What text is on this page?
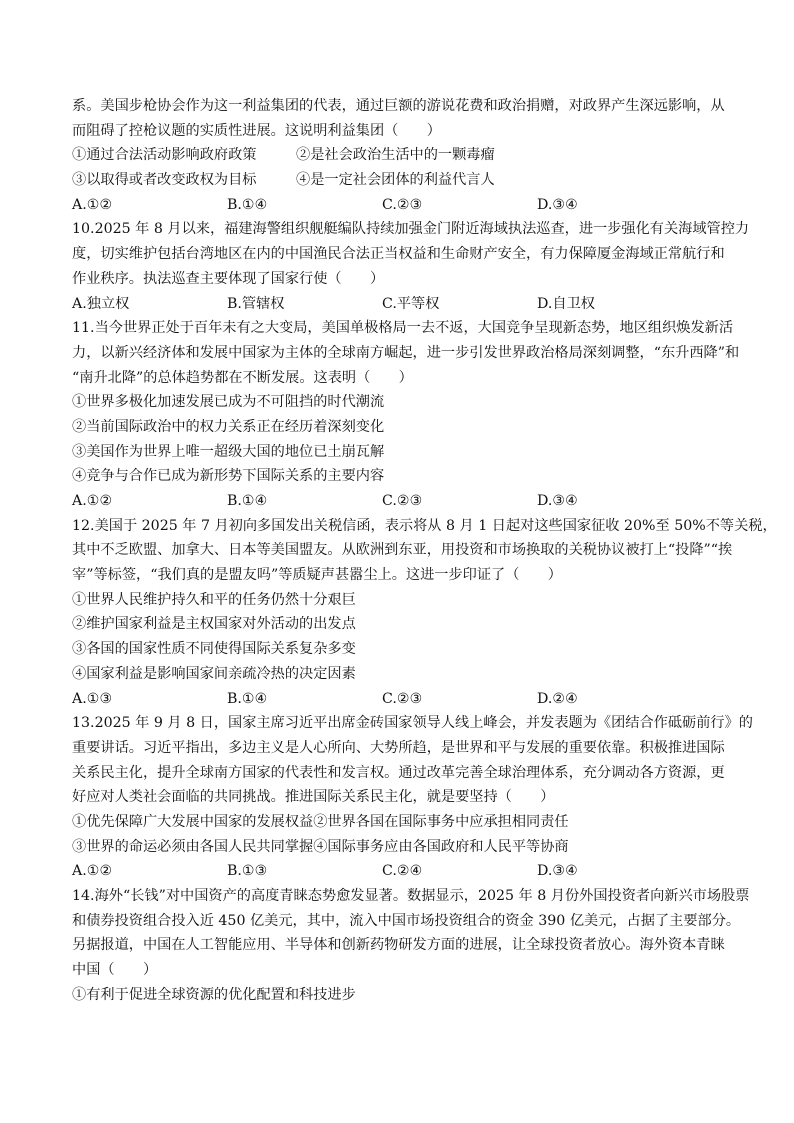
系。美国步枪协会作为这一利益集团的代表，通过巨额的游说花费和政治捐赠，对政界产生深远影响，从
而阻碍了控枪议题的实质性进展。这说明利益集团（　　）
①通过合法活动影响政府政策	②是社会政治生活中的一颗毒瘤
③以取得或者改变政权为目标	④是一定社会团体的利益代言人
A.①②	B.①④	C.②③	D.③④
10.2025 年 8 月以来，福建海警组织舰艇编队持续加强金门附近海域执法巡查，进一步强化有关海域管控力
度，切实维护包括台湾地区在内的中国渔民合法正当权益和生命财产安全，有力保障厦金海域正常航行和
作业秩序。执法巡查主要体现了国家行使（　　）
A.独立权	B.管辖权	C.平等权	D.自卫权
11.当今世界正处于百年未有之大变局，美国单极格局一去不返，大国竞争呈现新态势，地区组织焕发新活
力，以新兴经济体和发展中国家为主体的全球南方崛起，进一步引发世界政治格局深刻调整，“东升西降”和
“南升北降”的总体趋势都在不断发展。这表明（　　）
①世界多极化加速发展已成为不可阻挡的时代潮流
②当前国际政治中的权力关系正在经历着深刻变化
③美国作为世界上唯一超级大国的地位已土崩瓦解
④竞争与合作已成为新形势下国际关系的主要内容
A.①②	B.①④	C.②③	D.③④
12.美国于 2025 年 7 月初向多国发出关税信函，表示将从 8 月 1 日起对这些国家征收 20%至 50%不等关税，
其中不乏欧盟、加拿大、日本等美国盟友。从欧洲到东亚，用投资和市场换取的关税协议被打上“投降”“挨
宰”等标签，“我们真的是盟友吗”等质疑声甚嚣尘上。这进一步印证了（　　）
①世界人民维护持久和平的任务仍然十分艰巨
②维护国家利益是主权国家对外活动的出发点
③各国的国家性质不同使得国际关系复杂多变
④国家利益是影响国家间亲疏冷热的决定因素
A.①③	B.①④	C.②③	D.②④
13.2025 年 9 月 8 日，国家主席习近平出席金砖国家领导人线上峰会，并发表题为《团结合作砥砺前行》的
重要讲话。习近平指出，多边主义是人心所向、大势所趋，是世界和平与发展的重要依靠。积极推进国际
关系民主化，提升全球南方国家的代表性和发言权。通过改革完善全球治理体系，充分调动各方资源，更
好应对人类社会面临的共同挑战。推进国际关系民主化，就是要坚持（　　）
①优先保障广大发展中国家的发展权益 ②世界各国在国际事务中应承担相同责任
③世界的命运必须由各国人民共同掌握 ④国际事务应由各国政府和人民平等协商
A.①②	B.①③	C.②④	D.③④
14.海外“长钱”对中国资产的高度青睐态势愈发显著。数据显示，2025 年 8 月份外国投资者向新兴市场股票
和债券投资组合投入近 450 亿美元，其中，流入中国市场投资组合的资金 390 亿美元，占据了主要部分。
另据报道，中国在人工智能应用、半导体和创新药物研发方面的进展，让全球投资者放心。海外资本青睐
中国（　　）
①有利于促进全球资源的优化配置和科技进步
